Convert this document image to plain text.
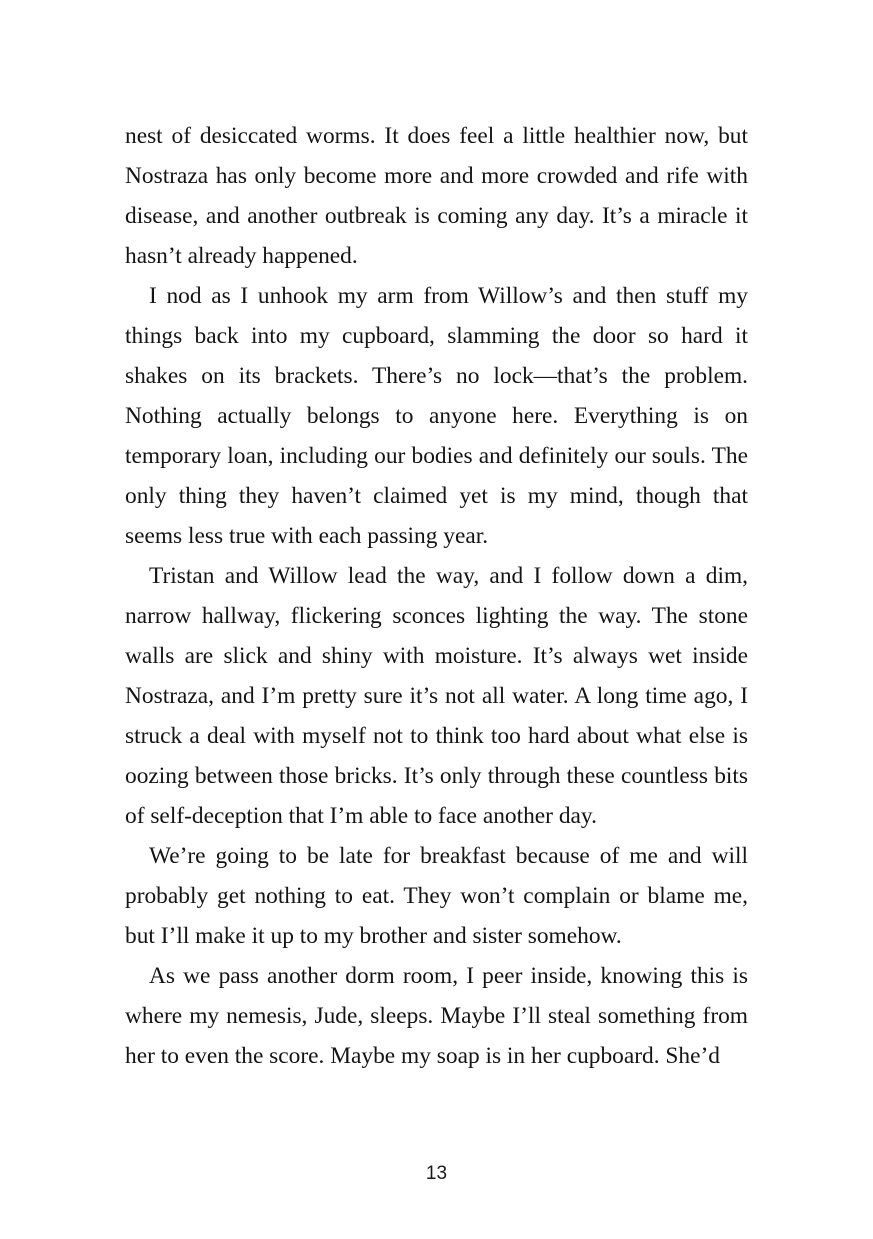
nest of desiccated worms. It does feel a little healthier now, but Nostraza has only become more and more crowded and rife with disease, and another outbreak is coming any day. It’s a miracle it hasn’t already happened.

I nod as I unhook my arm from Willow’s and then stuff my things back into my cupboard, slamming the door so hard it shakes on its brackets. There’s no lock—that’s the problem. Nothing actually belongs to anyone here. Everything is on temporary loan, including our bodies and definitely our souls. The only thing they haven’t claimed yet is my mind, though that seems less true with each passing year.

Tristan and Willow lead the way, and I follow down a dim, narrow hallway, flickering sconces lighting the way. The stone walls are slick and shiny with moisture. It’s always wet inside Nostraza, and I’m pretty sure it’s not all water. A long time ago, I struck a deal with myself not to think too hard about what else is oozing between those bricks. It’s only through these countless bits of self-deception that I’m able to face another day.

We’re going to be late for breakfast because of me and will probably get nothing to eat. They won’t complain or blame me, but I’ll make it up to my brother and sister somehow.

As we pass another dorm room, I peer inside, knowing this is where my nemesis, Jude, sleeps. Maybe I’ll steal something from her to even the score. Maybe my soap is in her cupboard. She’d

13
